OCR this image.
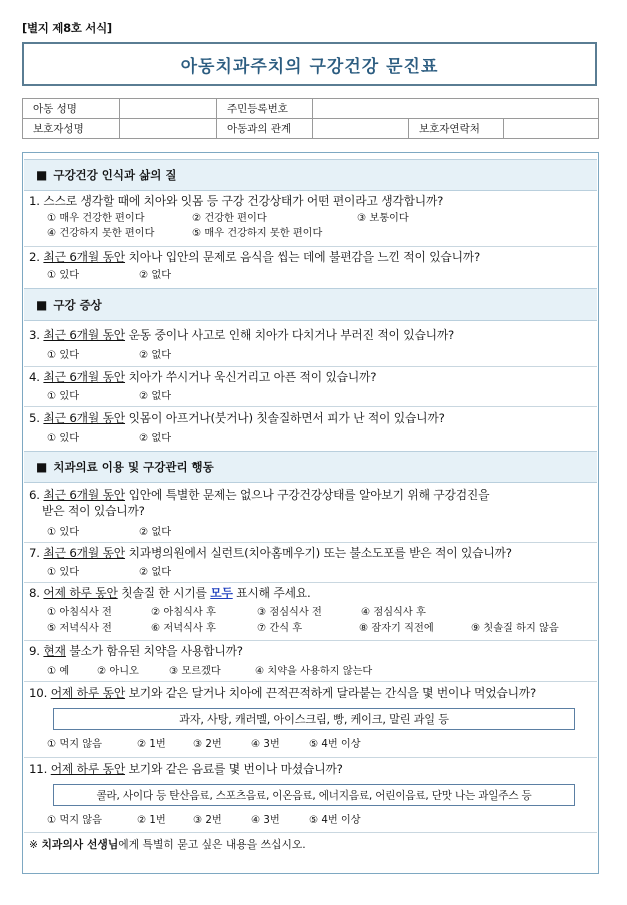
[별지 제8호 서식]
아동치과주치의 구강건강 문진표
아동 성명		주민등록번호			
보호자성명		아동과의 관계		보호자연락처	
■ 구강건강 인식과 삶의 질
1. 스스로 생각할 때에 치아와 잇몸 등 구강 건강상태가 어떤 편이라고 생각합니까?
① 매우 건강한 편이다	② 건강한 편이다	③ 보통이다
④ 건강하지 못한 편이다	⑤ 매우 건강하지 못한 편이다
2. 최근 6개월 동안 치아나 입안의 문제로 음식을 씹는 데에 불편감을 느낀 적이 있습니까?
① 있다	② 없다
■ 구강 증상
3. 최근 6개월 동안 운동 중이나 사고로 인해 치아가 다치거나 부러진 적이 있습니까?
① 있다	② 없다
4. 최근 6개월 동안 치아가 쑤시거나 욱신거리고 아픈 적이 있습니까?
① 있다	② 없다
5. 최근 6개월 동안 잇몸이 아프거나(붓거나) 칫솔질하면서 피가 난 적이 있습니까?
① 있다	② 없다
■ 치과의료 이용 및 구강관리 행동
6. 최근 6개월 동안 입안에 특별한 문제는 없으나 구강건강상태를 알아보기 위해 구강검진을
받은 적이 있습니까?
① 있다	② 없다
7. 최근 6개월 동안 치과병의원에서 실런트(치아홈메우기) 또는 불소도포를 받은 적이 있습니까?
① 있다	② 없다
8. 어제 하루 동안 칫솔질 한 시기를 모두 표시해 주세요.
① 아침식사 전	② 아침식사 후	③ 점심식사 전	④ 점심식사 후
⑤ 저녁식사 전	⑥ 저녁식사 후	⑦ 간식 후	⑧ 잠자기 직전에	⑨ 칫솔질 하지 않음
9. 현재 불소가 함유된 치약을 사용합니까?
① 예	② 아니오	③ 모르겠다	④ 치약을 사용하지 않는다
10. 어제 하루 동안 보기와 같은 달거나 치아에 끈적끈적하게 달라붙는 간식을 몇 번이나 먹었습니까?
과자, 사탕, 캐러멜, 아이스크림, 빵, 케이크, 말린 과일 등
① 먹지 않음	② 1번	③ 2번	④ 3번	⑤ 4번 이상
11. 어제 하루 동안 보기와 같은 음료를 몇 번이나 마셨습니까?
콜라, 사이다 등 탄산음료, 스포츠음료, 이온음료, 에너지음료, 어린이음료, 단맛 나는 과일주스 등
① 먹지 않음	② 1번	③ 2번	④ 3번	⑤ 4번 이상
※ 치과의사 선생님에게 특별히 묻고 싶은 내용을 쓰십시오.
